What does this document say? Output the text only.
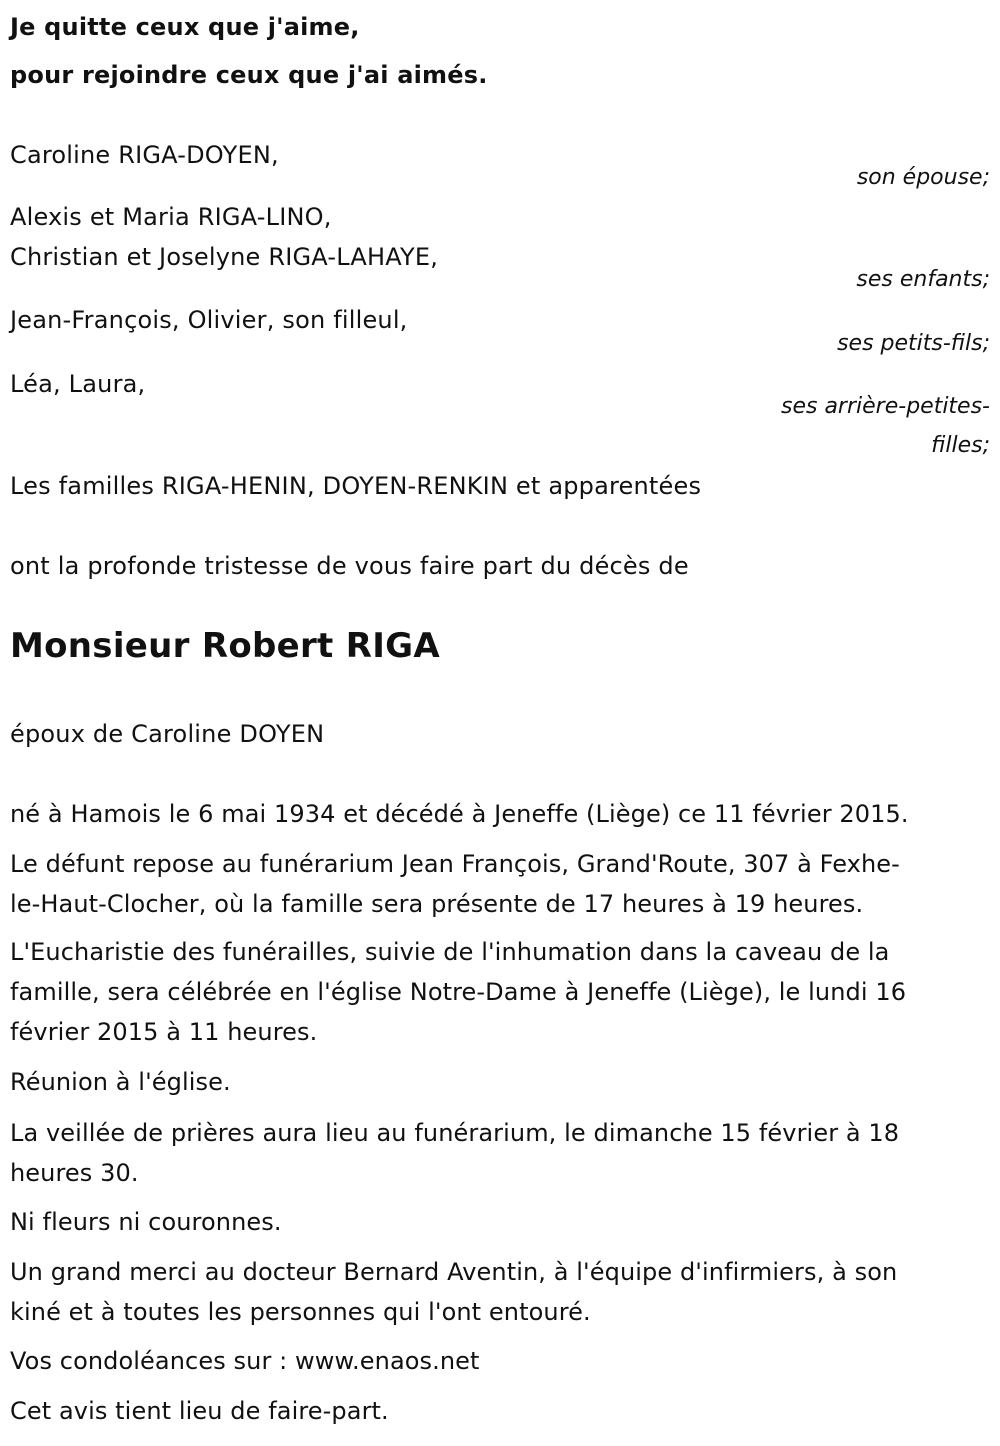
Je quitte ceux que j'aime,
pour rejoindre ceux que j'ai aimés.
Caroline RIGA-DOYEN,
son épouse;
Alexis et Maria RIGA-LINO,
Christian et Joselyne RIGA-LAHAYE,
ses enfants;
Jean-François, Olivier, son filleul,
ses petits-fils;
Léa, Laura,
ses arrière-petites-
filles;
Les familles RIGA-HENIN, DOYEN-RENKIN et apparentées
ont la profonde tristesse de vous faire part du décès de
Monsieur Robert RIGA
époux de Caroline DOYEN
né à Hamois le 6 mai 1934 et décédé à Jeneffe (Liège) ce 11 février 2015.
Le défunt repose au funérarium Jean François, Grand'Route, 307 à Fexhe-
le-Haut-Clocher, où la famille sera présente de 17 heures à 19 heures.
L'Eucharistie des funérailles, suivie de l'inhumation dans la caveau de la
famille, sera célébrée en l'église Notre-Dame à Jeneffe (Liège), le lundi 16
février 2015 à 11 heures.
Réunion à l'église.
La veillée de prières aura lieu au funérarium, le dimanche 15 février à 18
heures 30.
Ni fleurs ni couronnes.
Un grand merci au docteur Bernard Aventin, à l'équipe d'infirmiers, à son
kiné et à toutes les personnes qui l'ont entouré.
Vos condoléances sur : www.enaos.net
Cet avis tient lieu de faire-part.
